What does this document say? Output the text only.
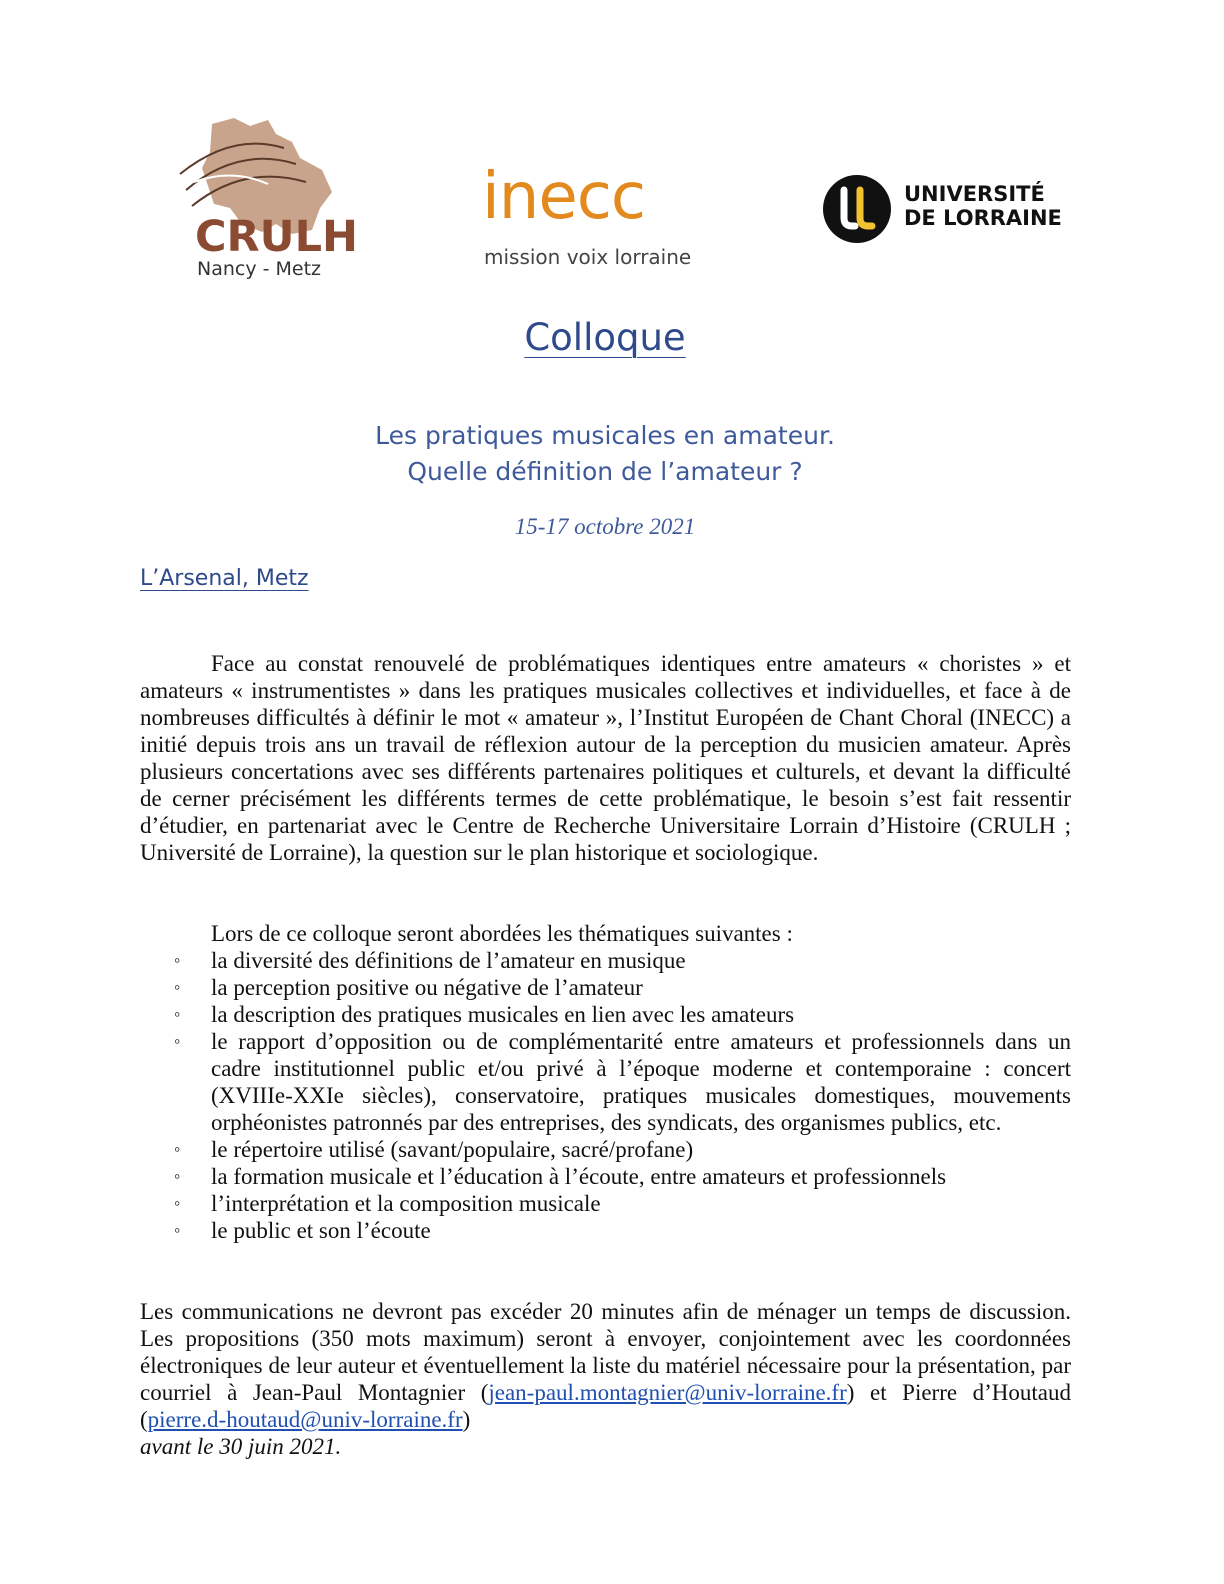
CRULH
Nancy - Metz
inecc
mission voix lorraine
UNIVERSITÉ
DE LORRAINE
Colloque
Les pratiques musicales en amateur.
Quelle définition de l’amateur ?
15-17 octobre 2021
L’Arsenal, Metz

Face au constat renouvelé de problématiques identiques entre amateurs « choristes » et amateurs « instrumentistes » dans les pratiques musicales collectives et individuelles, et face à de nombreuses difficultés à définir le mot « amateur », l’Institut Européen de Chant Choral (INECC) a initié depuis trois ans un travail de réflexion autour de la perception du musicien amateur. Après plusieurs concertations avec ses différents partenaires politiques et culturels, et devant la difficulté de cerner précisément les différents termes de cette problématique, le besoin s’est fait ressentir d’étudier, en partenariat avec le Centre de Recherche Universitaire Lorrain d’Histoire (CRULH ; Université de Lorraine), la question sur le plan historique et sociologique.

Lors de ce colloque seront abordées les thématiques suivantes :
◦ la diversité des définitions de l’amateur en musique
◦ la perception positive ou négative de l’amateur
◦ la description des pratiques musicales en lien avec les amateurs
◦ le rapport d’opposition ou de complémentarité entre amateurs et professionnels dans un cadre institutionnel public et/ou privé à l’époque moderne et contemporaine : concert (XVIIIe-XXIe siècles), conservatoire, pratiques musicales domestiques, mouvements orphéonistes patronnés par des entreprises, des syndicats, des organismes publics, etc.
◦ le répertoire utilisé (savant/populaire, sacré/profane)
◦ la formation musicale et l’éducation à l’écoute, entre amateurs et professionnels
◦ l’interprétation et la composition musicale
◦ le public et son l’écoute

Les communications ne devront pas excéder 20 minutes afin de ménager un temps de discussion. Les propositions (350 mots maximum) seront à envoyer, conjointement avec les coordonnées électroniques de leur auteur et éventuellement la liste du matériel nécessaire pour la présentation, par courriel à Jean-Paul Montagnier (jean-paul.montagnier@univ-lorraine.fr) et Pierre d’Houtaud (pierre.d-houtaud@univ-lorraine.fr)
avant le 30 juin 2021.
